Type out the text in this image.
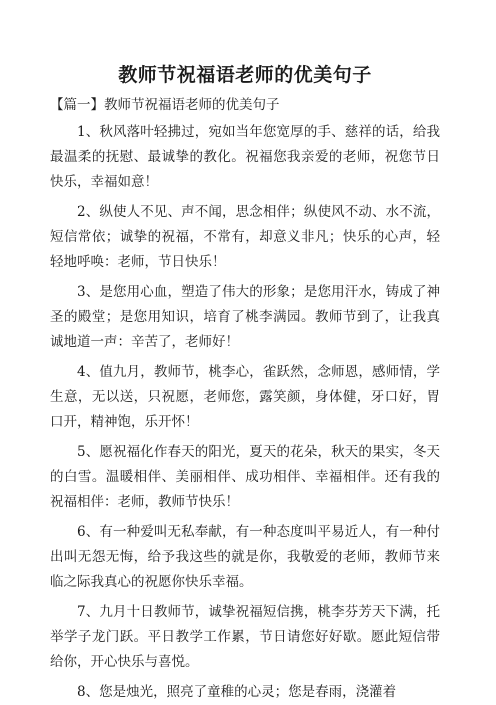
教师节祝福语老师的优美句子
【篇一】教师节祝福语老师的优美句子

1、秋风落叶轻拂过，宛如当年您宽厚的手、慈祥的话，给我最温柔的抚慰、最诚挚的教化。祝福您我亲爱的老师，祝您节日快乐，幸福如意！

2、纵使人不见、声不闻，思念相伴；纵使风不动、水不流，短信常依；诚挚的祝福，不常有，却意义非凡；快乐的心声，轻轻地呼唤：老师，节日快乐！

3、是您用心血，塑造了伟大的形象；是您用汗水，铸成了神圣的殿堂；是您用知识，培育了桃李满园。教师节到了，让我真诚地道一声：辛苦了，老师好！

4、值九月，教师节，桃李心，雀跃然，念师恩，感师情，学生意，无以送，只祝愿，老师您，露笑颜，身体健，牙口好，胃口开，精神饱，乐开怀！

5、愿祝福化作春天的阳光，夏天的花朵，秋天的果实，冬天的白雪。温暖相伴、美丽相伴、成功相伴、幸福相伴。还有我的祝福相伴：老师，教师节快乐！

6、有一种爱叫无私奉献，有一种态度叫平易近人，有一种付出叫无怨无悔，给予我这些的就是你，我敬爱的老师，教师节来临之际我真心的祝愿你快乐幸福。

7、九月十日教师节，诚挚祝福短信携，桃李芬芳天下满，托举学子龙门跃。平日教学工作累，节日请您好好歇。愿此短信带给你，开心快乐与喜悦。

8、您是烛光，照亮了童稚的心灵；您是春雨，浇灌着
